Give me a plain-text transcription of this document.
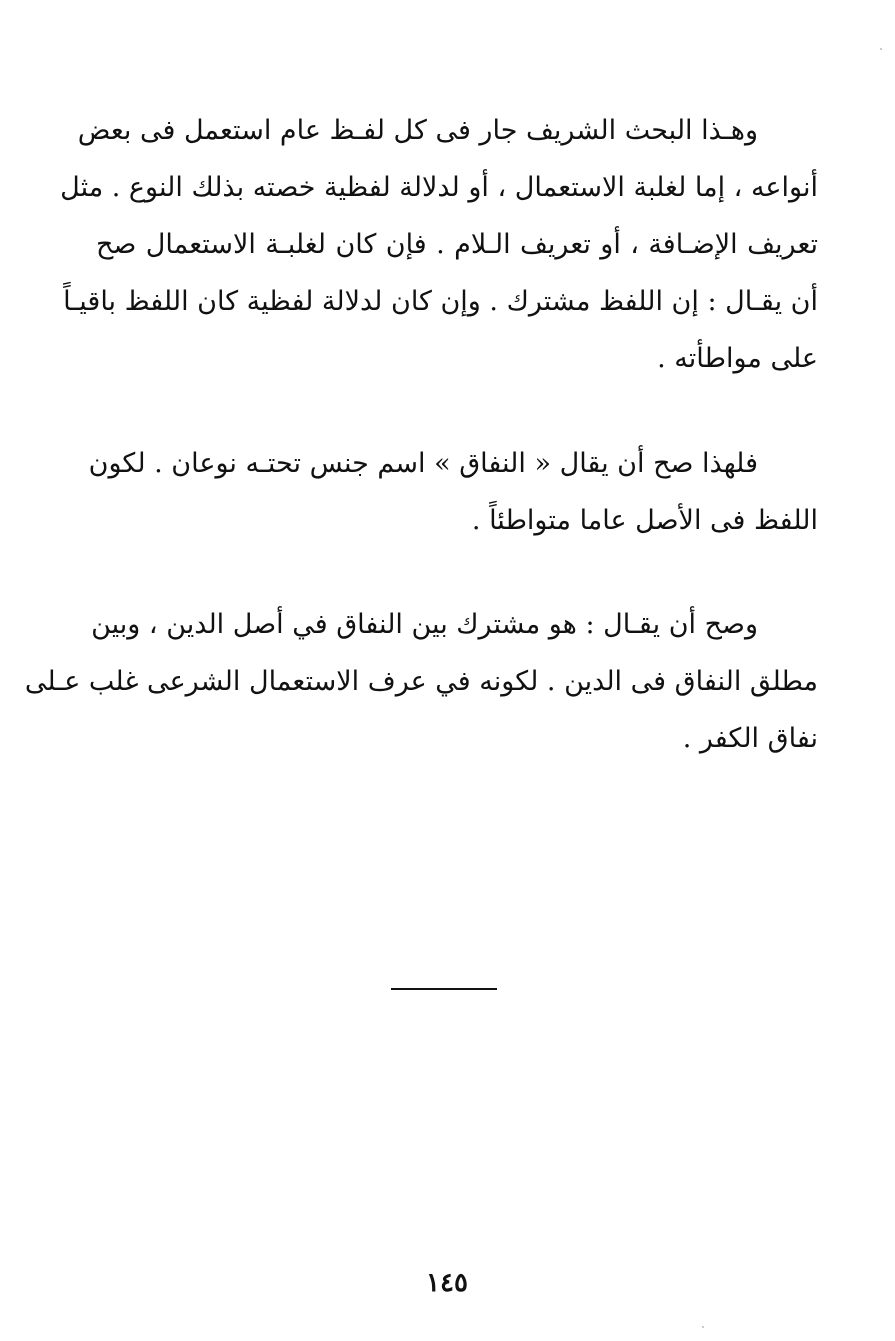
وهـذا البحث الشريف جار فى كل لفـظ عام استعمل فى بعض
أنواعه ، إما لغلبة الاستعمال ، أو لدلالة لفظية خصته بذلك النوع . مثل
تعريف الإضـافة ، أو تعريف الـلام . فإن كان لغلبـة الاستعمال صح
أن يقـال : إن اللفظ مشترك . وإن كان لدلالة لفظية كان اللفظ باقيـاً
على مواطأته .
فلهذا صح أن يقال « النفاق » اسم جنس تحتـه نوعان . لكون
اللفظ فى الأصل عاما متواطئاً .
وصح أن يقـال : هو مشترك بين النفاق في أصل الدين ، وبين
مطلق النفاق فى الدين . لكونه في عرف الاستعمال الشرعى غلب عـلى
نفاق الكفر .
١٤٥
